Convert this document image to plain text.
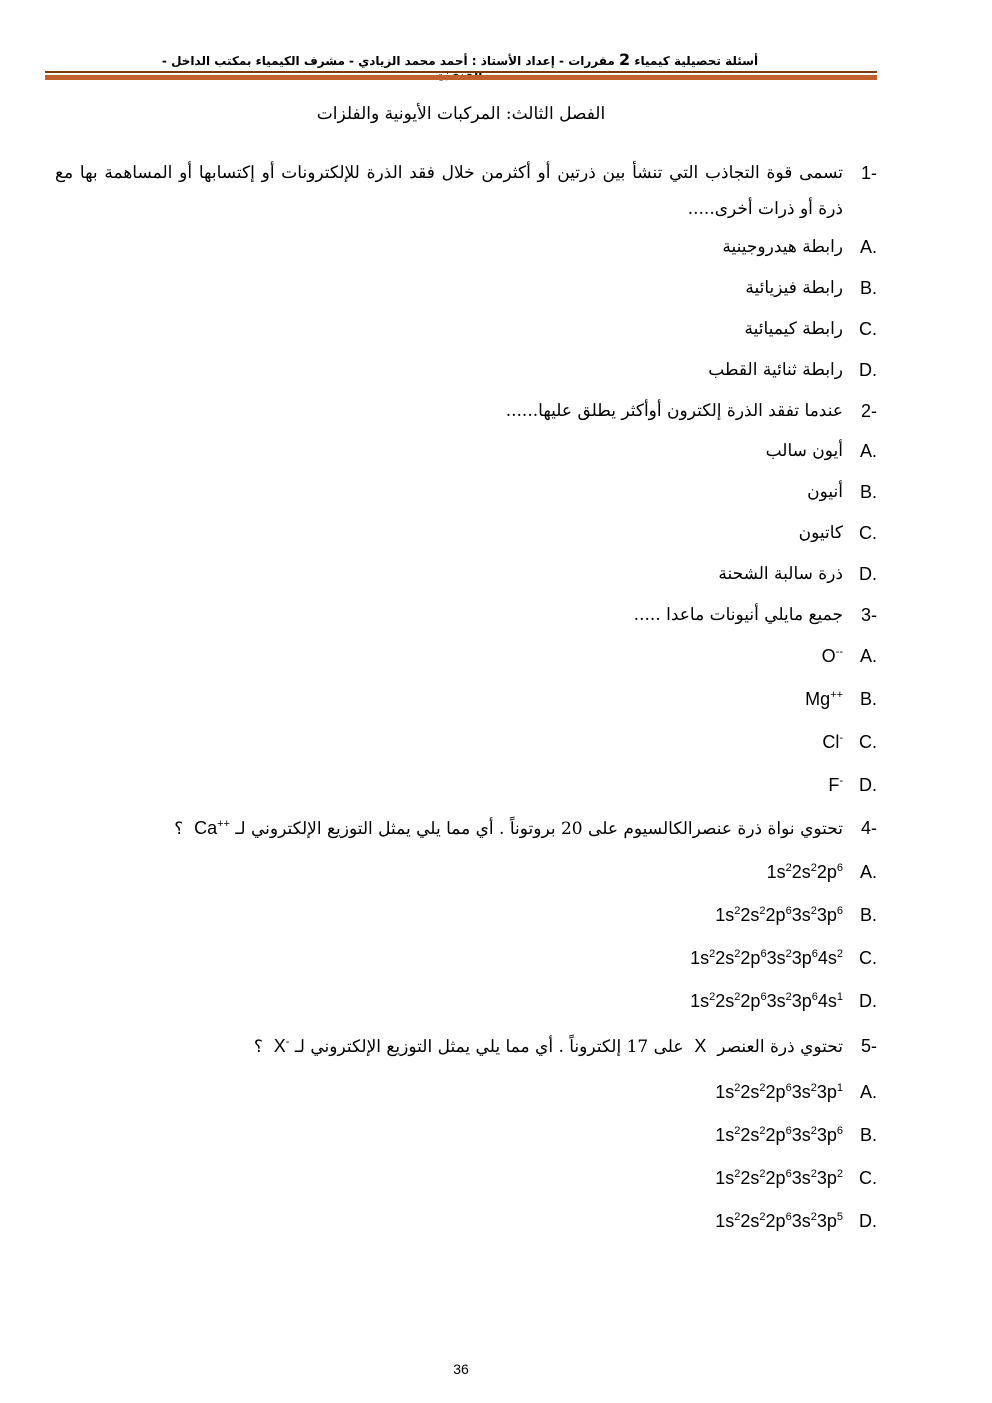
أسئلة تحصيلية كيمياء 2 مقررات - إعداد الأستاذ : أحمد محمد الزيادي - مشرف الكيمياء بمكتب الداخل -
الفصل الثالث: المركبات الأيونية والفلزات
1-
تسمى قوة التجاذب التي تنشأ بين ذرتين أو أكثرمن خلال فقد الذرة للإلكترونات أو إكتسابها أو المساهمة بها مع ذرة أو ذرات أخرى.....
A.
رابطة هيدروجينية
B.
رابطة فيزيائية
C.
رابطة كيميائية
D.
رابطة ثنائية القطب
2-
عندما تفقد الذرة إلكترون أوأكثر يطلق عليها......
A.
أيون سالب
B.
أنيون
C.
كاتيون
D.
ذرة سالبة الشحنة
3-
جميع مايلي أنيونات ماعدا .....
A.
O--
B.
Mg++
C.
Cl-
D.
F-
4-
تحتوي نواة ذرة عنصرالكالسيوم على 20 بروتوناً . أي مما يلي يمثل التوزيع الإلكتروني لـ Ca++  ؟
A.
$1s^22s^22p^6$
B.
$1s^22s^22p^63s^23p^6$
C.
$1s^22s^22p^63s^23p^64s^2$
D.
$1s^22s^22p^63s^23p^64s^1$
5-
تحتوي ذرة العنصر  X  على 17 إلكتروناً . أي مما يلي يمثل التوزيع الإلكتروني لـ X-  ؟
A.
$1s^22s^22p^63s^23p^1$
B.
$1s^22s^22p^63s^23p^6$
C.
$1s^22s^22p^63s^23p^2$
D.
$1s^22s^22p^63s^23p^5$
36
